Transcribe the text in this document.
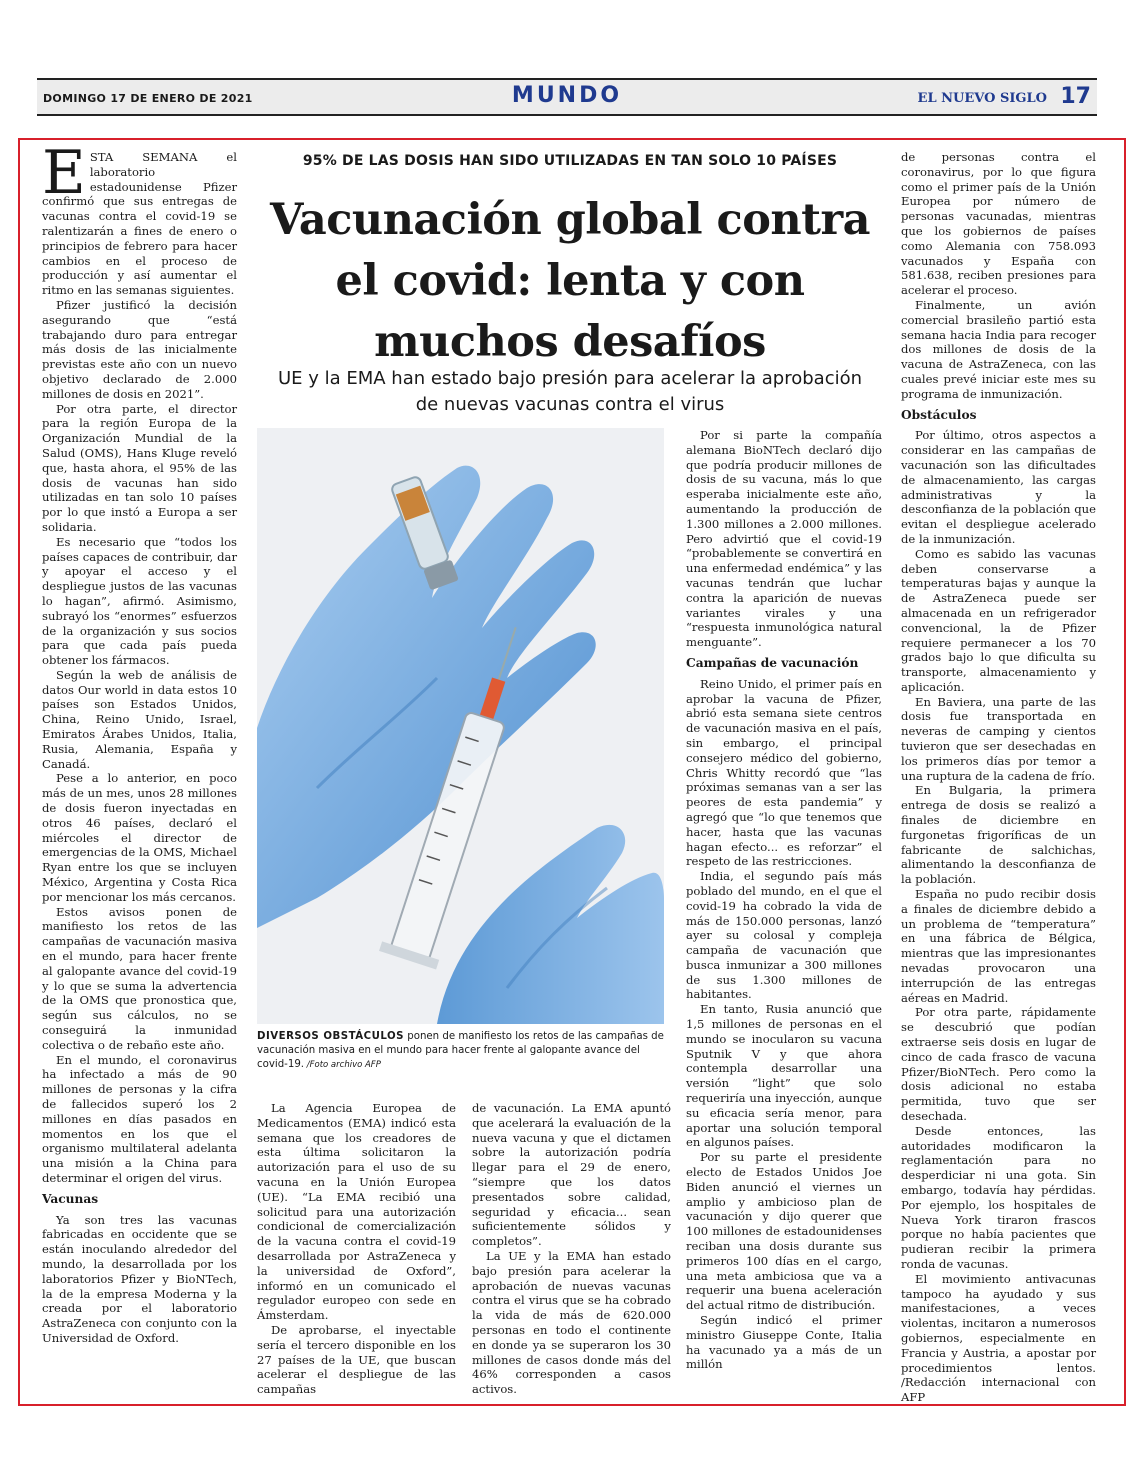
DOMINGO 17 DE ENERO DE 2021	MUNDO	EL NUEVO SIGLO 17

ESTA SEMANA el laboratorio estadounidense Pfizer confirmó que sus entregas de vacunas contra el covid-19 se ralentizarán a fines de enero o principios de febrero para hacer cambios en el proceso de producción y así aumentar el ritmo en las semanas siguientes.

Pfizer justificó la decisión asegurando que “está trabajando duro para entregar más dosis de las inicialmente previstas este año con un nuevo objetivo declarado de 2.000 millones de dosis en 2021”.

Por otra parte, el director para la región Europa de la Organización Mundial de la Salud (OMS), Hans Kluge reveló que, hasta ahora, el 95% de las dosis de vacunas han sido utilizadas en tan solo 10 países por lo que instó a Europa a ser solidaria.

Es necesario que “todos los países capaces de contribuir, dar y apoyar el acceso y el despliegue justos de las vacunas lo hagan”, afirmó. Asimismo, subrayó los “enormes” esfuerzos de la organización y sus socios para que cada país pueda obtener los fármacos.

Según la web de análisis de datos Our world in data estos 10 países son Estados Unidos, China, Reino Unido, Israel, Emiratos Árabes Unidos, Italia, Rusia, Alemania, España y Canadá.

Pese a lo anterior, en poco más de un mes, unos 28 millones de dosis fueron inyectadas en otros 46 países, declaró el miércoles el director de emergencias de la OMS, Michael Ryan entre los que se incluyen México, Argentina y Costa Rica por mencionar los más cercanos.

Estos avisos ponen de manifiesto los retos de las campañas de vacunación masiva en el mundo, para hacer frente al galopante avance del covid-19 y lo que se suma la advertencia de la OMS que pronostica que, según sus cálculos, no se conseguirá la inmunidad colectiva o de rebaño este año.

En el mundo, el coronavirus ha infectado a más de 90 millones de personas y la cifra de fallecidos superó los 2 millones en días pasados en momentos en los que el organismo multilateral adelanta una misión a la China para determinar el origen del virus.

Vacunas

Ya son tres las vacunas fabricadas en occidente que se están inoculando alrededor del mundo, la desarrollada por los laboratorios Pfizer y BioNTech, la de la empresa Moderna y la creada por el laboratorio AstraZeneca con conjunto con la Universidad de Oxford.

95% DE LAS DOSIS HAN SIDO UTILIZADAS EN TAN SOLO 10 PAÍSES
Vacunación global contra el covid: lenta y con muchos desafíos
UE y la EMA han estado bajo presión para acelerar la aprobación de nuevas vacunas contra el virus
DIVERSOS OBSTÁCULOS ponen de manifiesto los retos de las campañas de vacunación masiva en el mundo para hacer frente al galopante avance del covid-19. /Foto archivo AFP

La Agencia Europea de Medicamentos (EMA) indicó esta semana que los creadores de esta última solicitaron la autorización para el uso de su vacuna en la Unión Europea (UE). “La EMA recibió una solicitud para una autorización condicional de comercialización de la vacuna contra el covid-19 desarrollada por AstraZeneca y la universidad de Oxford”, informó en un comunicado el regulador europeo con sede en Ámsterdam.

De aprobarse, el inyectable sería el tercero disponible en los 27 países de la UE, que buscan acelerar el despliegue de las campañas

de vacunación. La EMA apuntó que acelerará la evaluación de la nueva vacuna y que el dictamen sobre la autorización podría llegar para el 29 de enero, “siempre que los datos presentados sobre calidad, seguridad y eficacia... sean suficientemente sólidos y completos”.

La UE y la EMA han estado bajo presión para acelerar la aprobación de nuevas vacunas contra el virus que se ha cobrado la vida de más de 620.000 personas en todo el continente en donde ya se superaron los 30 millones de casos donde más del 46% corresponden a casos activos.

Por si parte la compañía alemana BioNTech declaró dijo que podría producir millones de dosis de su vacuna, más lo que esperaba inicialmente este año, aumentando la producción de 1.300 millones a 2.000 millones. Pero advirtió que el covid-19 “probablemente se convertirá en una enfermedad endémica” y las vacunas tendrán que luchar contra la aparición de nuevas variantes virales y una “respuesta inmunológica natural menguante”.

Campañas de vacunación

Reino Unido, el primer país en aprobar la vacuna de Pfizer, abrió esta semana siete centros de vacunación masiva en el país, sin embargo, el principal consejero médico del gobierno, Chris Whitty recordó que “las próximas semanas van a ser las peores de esta pandemia” y agregó que “lo que tenemos que hacer, hasta que las vacunas hagan efecto... es reforzar” el respeto de las restricciones.

India, el segundo país más poblado del mundo, en el que el covid-19 ha cobrado la vida de más de 150.000 personas, lanzó ayer su colosal y compleja campaña de vacunación que busca inmunizar a 300 millones de sus 1.300 millones de habitantes.

En tanto, Rusia anunció que 1,5 millones de personas en el mundo se inocularon su vacuna Sputnik V y que ahora contempla desarrollar una versión “light” que solo requeriría una inyección, aunque su eficacia sería menor, para aportar una solución temporal en algunos países.

Por su parte el presidente electo de Estados Unidos Joe Biden anunció el viernes un amplio y ambicioso plan de vacunación y dijo querer que 100 millones de estadounidenses reciban una dosis durante sus primeros 100 días en el cargo, una meta ambiciosa que va a requerir una buena aceleración del actual ritmo de distribución.

Según indicó el primer ministro Giuseppe Conte, Italia ha vacunado ya a más de un millón

de personas contra el coronavirus, por lo que figura como el primer país de la Unión Europea por número de personas vacunadas, mientras que los gobiernos de países como Alemania con 758.093 vacunados y España con 581.638, reciben presiones para acelerar el proceso.

Finalmente, un avión comercial brasileño partió esta semana hacia India para recoger dos millones de dosis de la vacuna de AstraZeneca, con las cuales prevé iniciar este mes su programa de inmunización.

Obstáculos

Por último, otros aspectos a considerar en las campañas de vacunación son las dificultades de almacenamiento, las cargas administrativas y la desconfianza de la población que evitan el despliegue acelerado de la inmunización.

Como es sabido las vacunas deben conservarse a temperaturas bajas y aunque la de AstraZeneca puede ser almacenada en un refrigerador convencional, la de Pfizer requiere permanecer a los 70 grados bajo lo que dificulta su transporte, almacenamiento y aplicación.

En Baviera, una parte de las dosis fue transportada en neveras de camping y cientos tuvieron que ser desechadas en los primeros días por temor a una ruptura de la cadena de frío.

En Bulgaria, la primera entrega de dosis se realizó a finales de diciembre en furgonetas frigoríficas de un fabricante de salchichas, alimentando la desconfianza de la población.

España no pudo recibir dosis a finales de diciembre debido a un problema de “temperatura” en una fábrica de Bélgica, mientras que las impresionantes nevadas provocaron una interrupción de las entregas aéreas en Madrid.

Por otra parte, rápidamente se descubrió que podían extraerse seis dosis en lugar de cinco de cada frasco de vacuna Pfizer/BioNTech. Pero como la dosis adicional no estaba permitida, tuvo que ser desechada.

Desde entonces, las autoridades modificaron la reglamentación para no desperdiciar ni una gota. Sin embargo, todavía hay pérdidas. Por ejemplo, los hospitales de Nueva York tiraron frascos porque no había pacientes que pudieran recibir la primera ronda de vacunas.

El movimiento antivacunas tampoco ha ayudado y sus manifestaciones, a veces violentas, incitaron a numerosos gobiernos, especialmente en Francia y Austria, a apostar por procedimientos lentos. /Redacción internacional con AFP
